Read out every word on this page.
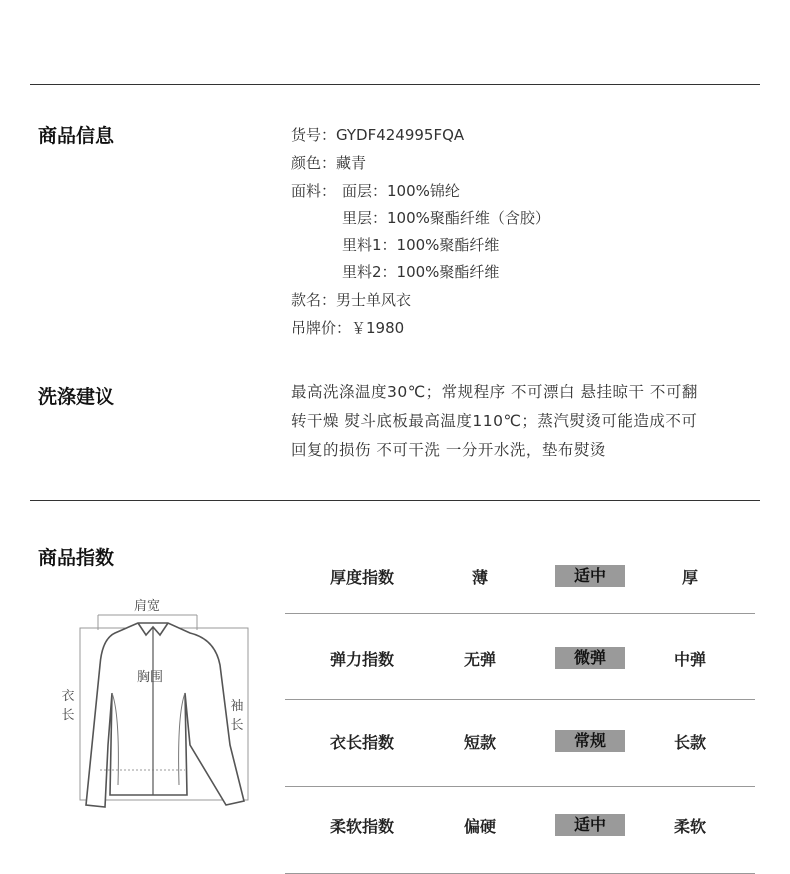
商品信息	货号：GYDF424995FQA
颜色：藏青
面料： 面层：100%锦纶
里层：100%聚酯纤维（含胶）
里料1：100%聚酯纤维
里料2：100%聚酯纤维
款名：男士单风衣
吊牌价：￥1980
洗涤建议	最高洗涤温度30℃；常规程序 不可漂白 悬挂晾干 不可翻
转干燥 熨斗底板最高温度110℃；蒸汽熨烫可能造成不可
回复的损伤 不可干洗 一分开水洗，垫布熨烫
商品指数
肩宽
胸围
衣
长
袖
长
厚度指数	薄	适中	厚
弹力指数	无弹	微弹	中弹
衣长指数	短款	常规	长款
柔软指数	偏硬	适中	柔软
